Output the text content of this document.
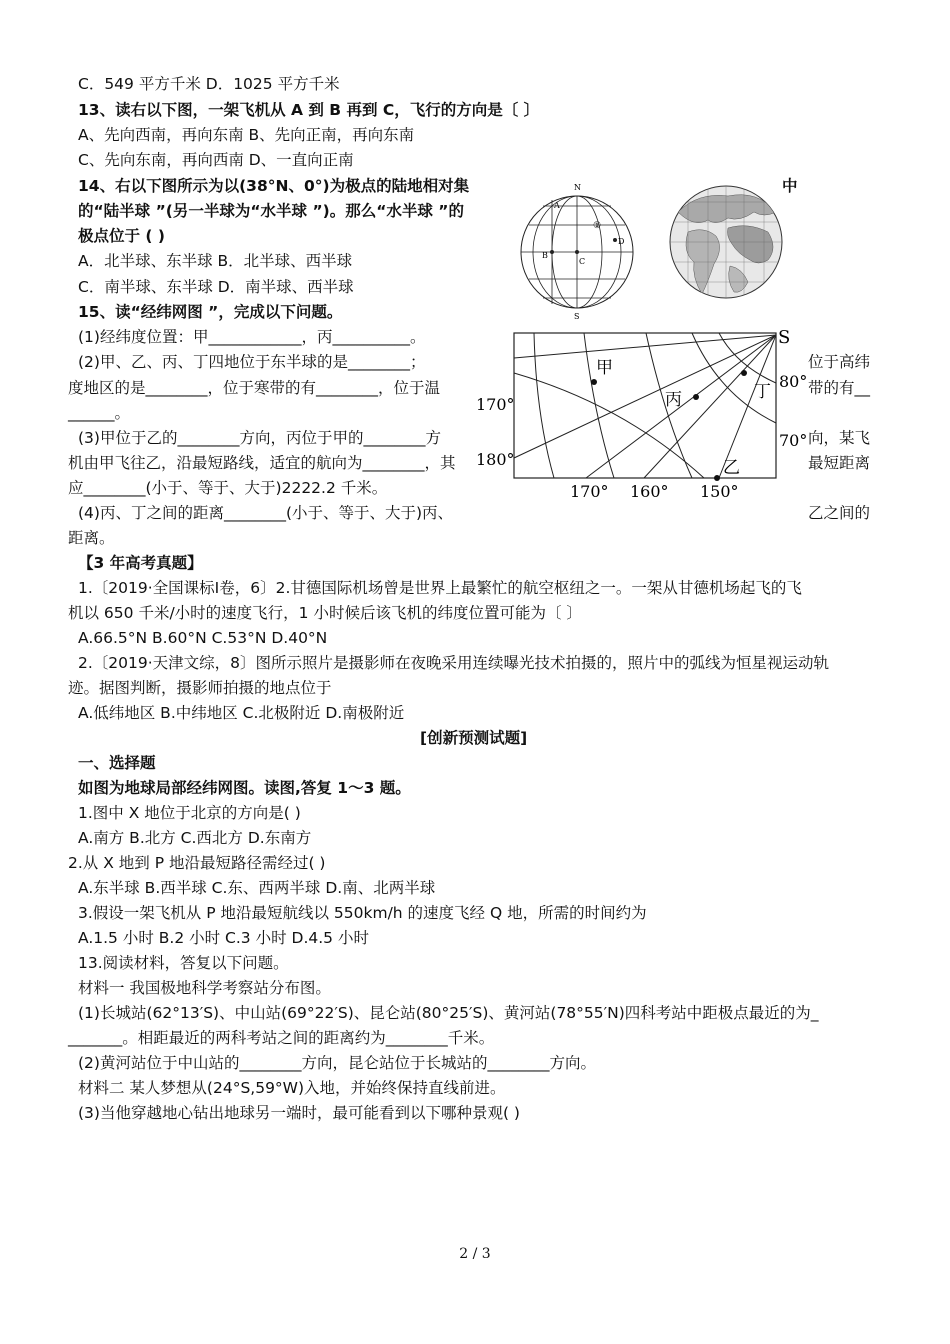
C．549 平方千米 D．1025 平方千米
13、读右以下图，一架飞机从 A 到 B 再到 C，飞行的方向是〔 〕
A、先向西南，再向东南 B、先向正南，再向东南
C、先向东南，再向西南 D、一直向正南
14、右以下图所示为以(38°N、0°)为极点的陆地相对集	中
的“陆半球 ”(另一半球为“水半球 ”)。那么“水半球 ”的
极点位于 ( )
A．北半球、东半球 B．北半球、西半球
C．南半球、东半球 D．南半球、西半球
15、读“经纬网图 ”，完成以下问题。
(1)经纬度位置：甲____________，丙__________。
(2)甲、乙、丙、丁四地位于东半球的是________；	位于高纬
度地区的是________，位于寒带的有________，位于温	带的有__
______。
(3)甲位于乙的________方向，丙位于甲的________方	向，某飞
机由甲飞往乙，沿最短路线，适宜的航向为________，其	最短距离
应________(小于、等于、大于)2222.2 千米。
(4)丙、丁之间的距离________(小于、等于、大于)丙、	乙之间的
距离。
【3 年高考真题】
1.〔2019·全国课标Ⅰ卷，6〕2.甘德国际机场曾是世界上最繁忙的航空枢纽之一。一架从甘德机场起飞的飞
机以 650 千米/小时的速度飞行，1 小时候后该飞机的纬度位置可能为〔 〕
A.66.5°N B.60°N C.53°N D.40°N
2.〔2019·天津文综，8〕图所示照片是摄影师在夜晚采用连续曝光技术拍摄的，照片中的弧线为恒星视运动轨
迹。据图判断，摄影师拍摄的地点位于
A.低纬地区 B.中纬地区 C.北极附近 D.南极附近
[创新预测试题]
一、选择题
如图为地球局部经纬网图。读图,答复 1～3 题。
1.图中 X 地位于北京的方向是( )
A.南方 B.北方 C.西北方 D.东南方
2.从 X 地到 P 地沿最短路径需经过( )
A.东半球 B.西半球 C.东、西两半球 D.南、北两半球
3.假设一架飞机从 P 地沿最短航线以 550km/h 的速度飞经 Q 地，所需的时间约为
A.1.5 小时 B.2 小时 C.3 小时 D.4.5 小时
13.阅读材料，答复以下问题。
材料一 我国极地科学考察站分布图。
(1)长城站(62°13′S)、中山站(69°22′S)、昆仑站(80°25′S)、黄河站(78°55′N)四科考站中距极点最近的为_
_______。相距最近的两科考站之间的距离约为________千米。
(2)黄河站位于中山站的________方向，昆仑站位于长城站的________方向。
材料二 某人梦想从(24°S,59°W)入地，并始终保持直线前进。
(3)当他穿越地心钻出地球另一端时，最可能看到以下哪种景观( )
N
S
A
B
C
D
①
S
甲
丙	丁
乙
80°
70°
170°
180°
170° 160° 150°
2 / 3
